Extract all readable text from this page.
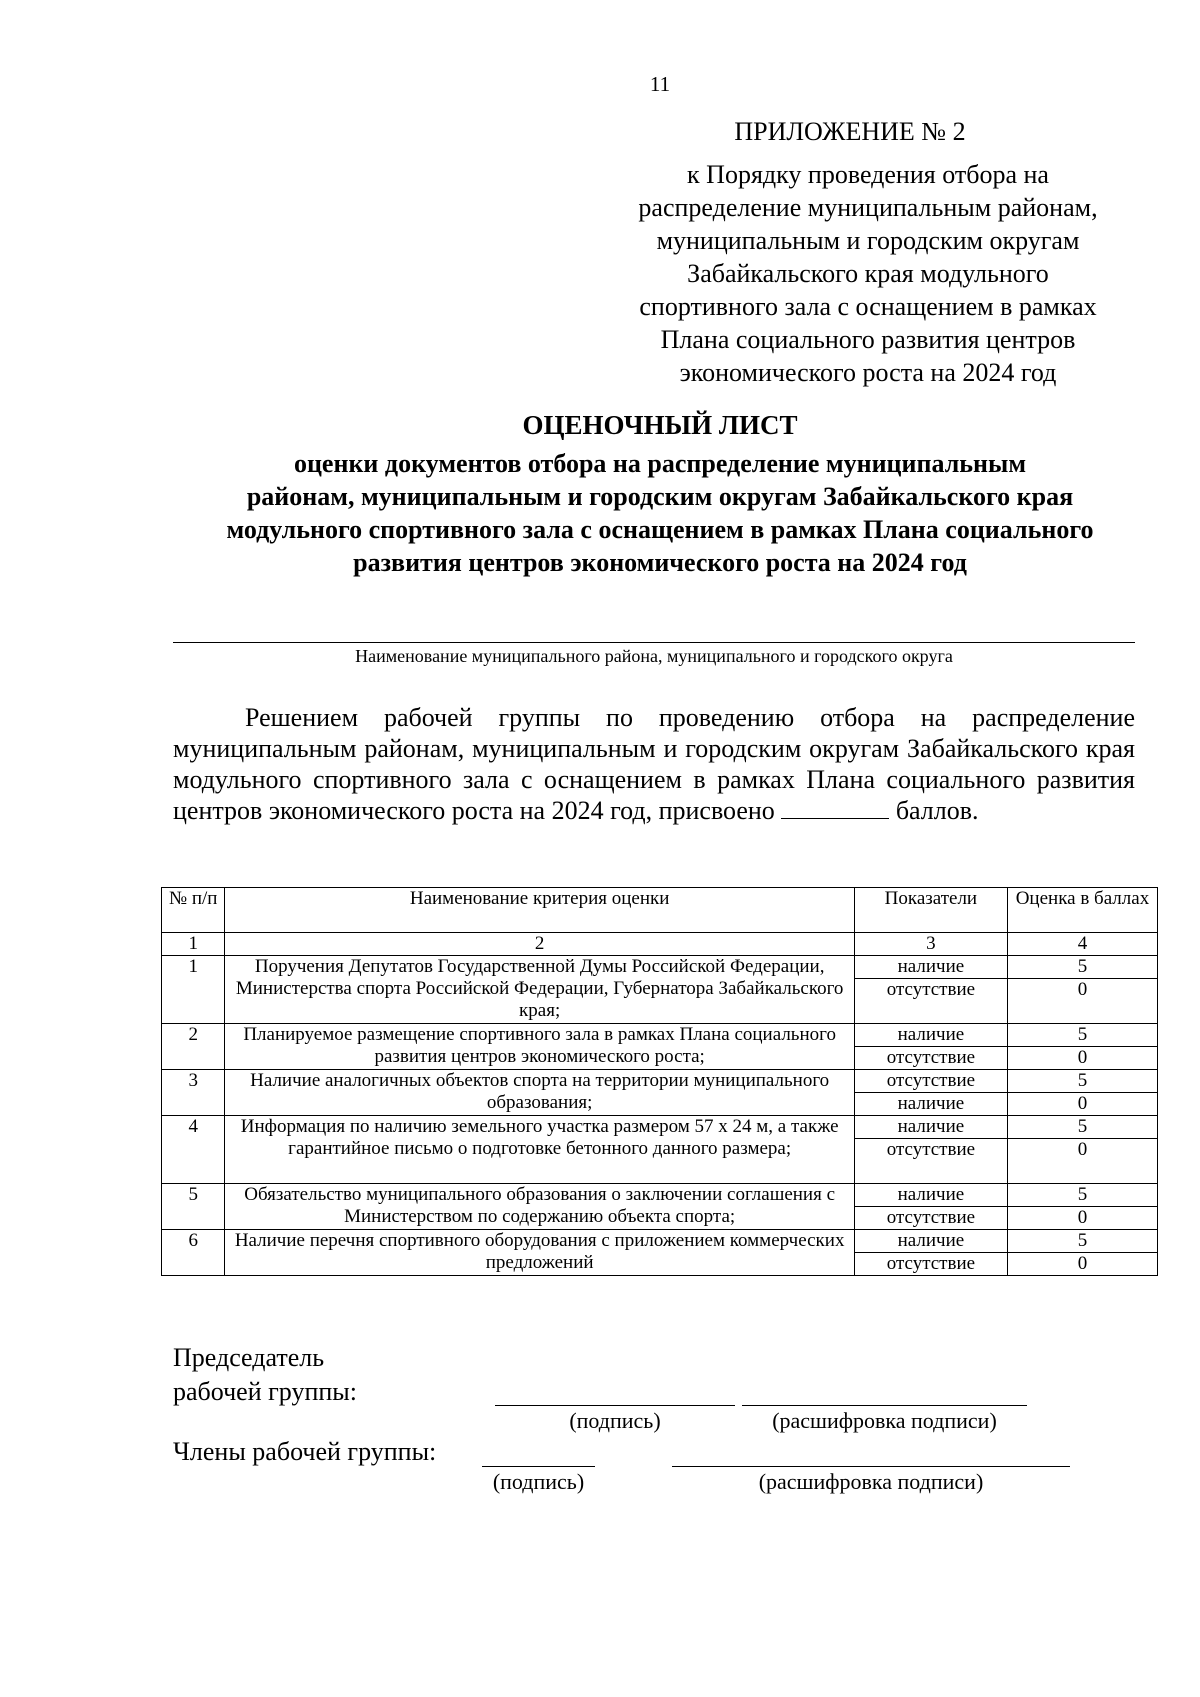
11
ПРИЛОЖЕНИЕ № 2
к Порядку проведения отбора на
распределение муниципальным районам,
муниципальным и городским округам
Забайкальского края модульного
спортивного зала с оснащением в рамках
Плана социального развития центров
экономического роста на 2024 год
ОЦЕНОЧНЫЙ ЛИСТ
оценки документов отбора на распределение муниципальным
районам, муниципальным и городским округам Забайкальского края
модульного спортивного зала с оснащением в рамках Плана социального
развития центров экономического роста на 2024 год
Наименование муниципального района, муниципального и городского округа
Решением рабочей группы по проведению отбора на распределение муниципальным районам, муниципальным и городским округам Забайкальского края модульного спортивного зала с оснащением в рамках Плана социального развития центров экономического роста на 2024 год, присвоено	баллов.
№ п/п	Наименование критерия оценки	Показатели	Оценка в баллах
1	2	3	4
1	Поручения Депутатов Государственной Думы Российской Федерации, Министерства спорта Российской Федерации, Губернатора Забайкальского края;	наличие	5
		отсутствие	0
2	Планируемое размещение спортивного зала в рамках Плана социального развития центров экономического роста;	наличие	5
		отсутствие	0
3	Наличие аналогичных объектов спорта на территории муниципального образования;	отсутствие	5
		наличие	0
4	Информация по наличию земельного участка размером 57 х 24 м, а также гарантийное письмо о подготовке бетонного данного размера;	наличие	5
		отсутствие	0
5	Обязательство муниципального образования о заключении соглашения с Министерством по содержанию объекта спорта;	наличие	5
		отсутствие	0
6	Наличие перечня спортивного оборудования с приложением коммерческих предложений	наличие	5
		отсутствие	0
Председатель
рабочей группы:
(подпись)	(расшифровка подписи)
Члены рабочей группы:
(подпись)	(расшифровка подписи)
